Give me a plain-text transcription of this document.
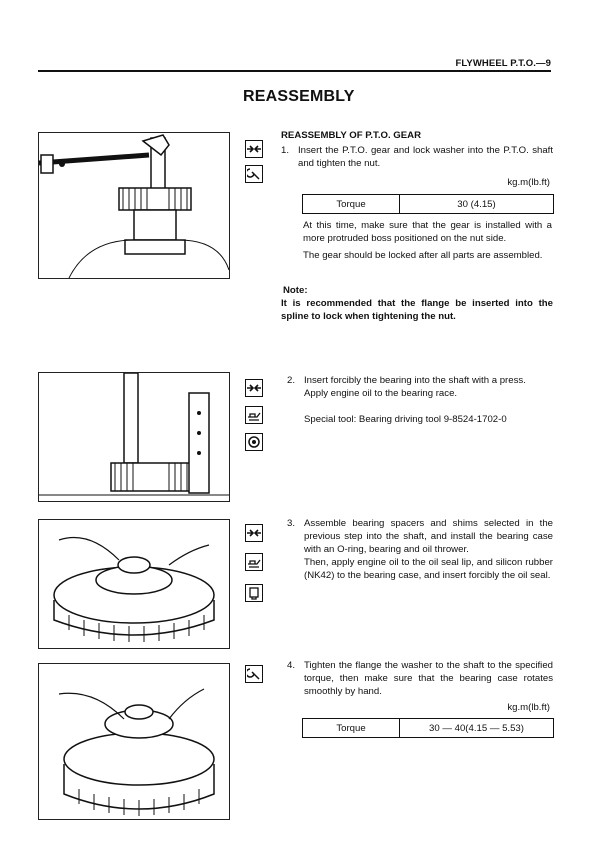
FLYWHEEL P.T.O.—9
REASSEMBLY
REASSEMBLY OF P.T.O. GEAR
1. Insert the P.T.O. gear and lock washer into the P.T.O. shaft and tighten the nut.
kg.m(lb.ft)
Torque	30 (4.15)

At this time, make sure that the gear is installed with a more protruded boss positioned on the nut side.

The gear should be locked after all parts are assembled.

Note:
It is recommended that the flange be inserted into the spline to lock when tightening the nut.
2. Insert forcibly the bearing into the shaft with a press.
Apply engine oil to the bearing race.
Special tool: Bearing driving tool 9-8524-1702-0
3. Assemble bearing spacers and shims selected in the previous step into the shaft, and install the bearing case with an O-ring, bearing and oil thrower.
Then, apply engine oil to the oil seal lip, and silicon rubber (NK42) to the bearing case, and insert forcibly the oil seal.
4. Tighten the flange the washer to the shaft to the specified torque, then make sure that the bearing case rotates smoothly by hand.
kg.m(lb.ft)
Torque	30 — 40(4.15 — 5.53)
